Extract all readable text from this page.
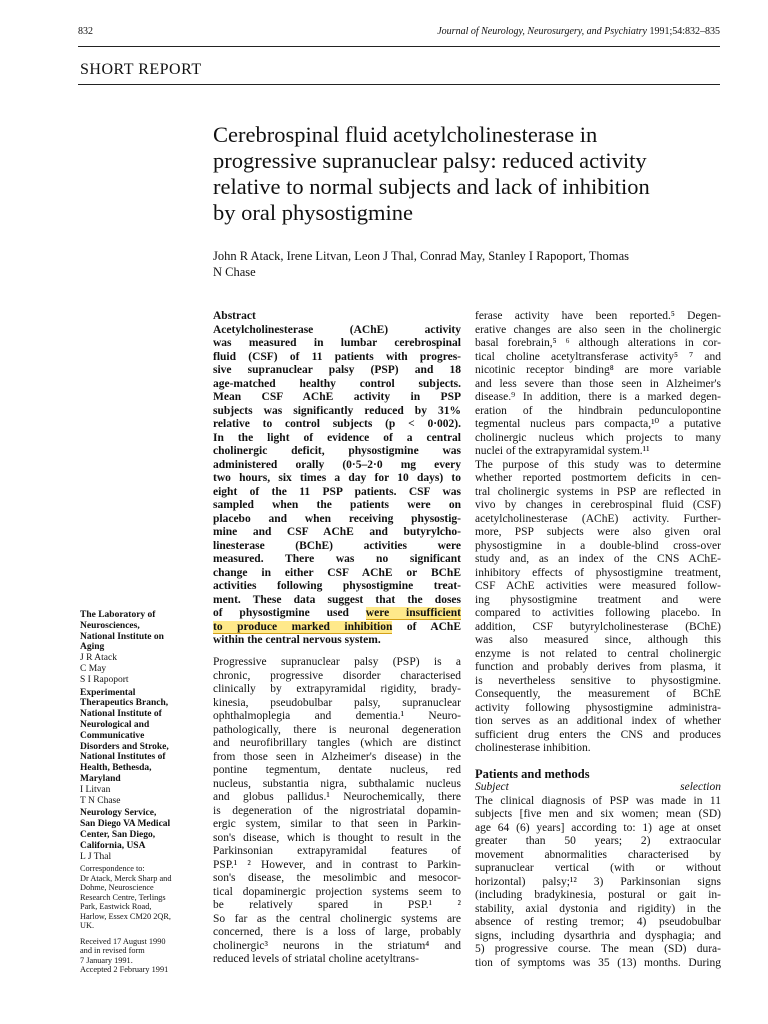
832	Journal of Neurology, Neurosurgery, and Psychiatry 1991;54:832–835
SHORT REPORT
Cerebrospinal fluid acetylcholinesterase in
progressive supranuclear palsy: reduced activity
relative to normal subjects and lack of inhibition
by oral physostigmine
John R Atack, Irene Litvan, Leon J Thal, Conrad May, Stanley I Rapoport, Thomas
N Chase
Abstract
Acetylcholinesterase (AChE) activity
was measured in lumbar cerebrospinal
fluid (CSF) of 11 patients with progres-
sive supranuclear palsy (PSP) and 18
age-matched healthy control subjects.
Mean CSF AChE activity in PSP
subjects was significantly reduced by 31%
relative to control subjects (p < 0·002).
In the light of evidence of a central
cholinergic deficit, physostigmine was
administered orally (0·5–2·0 mg every
two hours, six times a day for 10 days) to
eight of the 11 PSP patients. CSF was
sampled when the patients were on
placebo and when receiving physostig-
mine and CSF AChE and butyrylcho-
linesterase (BChE) activities were
measured. There was no significant
change in either CSF AChE or BChE
activities following physostigmine treat-
ment. These data suggest that the doses
of physostigmine used were insufficient
to produce marked inhibition of AChE
within the central nervous system.
Progressive supranuclear palsy (PSP) is a
chronic, progressive disorder characterised
clinically by extrapyramidal rigidity, brady-
kinesia, pseudobulbar palsy, supranuclear
ophthalmoplegia and dementia.¹ Neuro-
pathologically, there is neuronal degeneration
and neurofibrillary tangles (which are distinct
from those seen in Alzheimer's disease) in the
pontine tegmentum, dentate nucleus, red
nucleus, substantia nigra, subthalamic nucleus
and globus pallidus.¹ Neurochemically, there
is degeneration of the nigrostriatal dopamin-
ergic system, similar to that seen in Parkin-
son's disease, which is thought to result in the
Parkinsonian extrapyramidal features of
PSP.¹ ² However, and in contrast to Parkin-
son's disease, the mesolimbic and mesocor-
tical dopaminergic projection systems seem to
be relatively spared in PSP.¹ ²
So far as the central cholinergic systems are
concerned, there is a loss of large, probably
cholinergic³ neurons in the striatum⁴ and
reduced levels of striatal choline acetyltrans-
ferase activity have been reported.⁵ Degen-
erative changes are also seen in the cholinergic
basal forebrain,⁵ ⁶ although alterations in cor-
tical choline acetyltransferase activity⁵ ⁷ and
nicotinic receptor binding⁸ are more variable
and less severe than those seen in Alzheimer's
disease.⁹ In addition, there is a marked degen-
eration of the hindbrain pedunculopontine
tegmental nucleus pars compacta,¹⁰ a putative
cholinergic nucleus which projects to many
nuclei of the extrapyramidal system.¹¹
The purpose of this study was to determine
whether reported postmortem deficits in cen-
tral cholinergic systems in PSP are reflected in
vivo by changes in cerebrospinal fluid (CSF)
acetylcholinesterase (AChE) activity. Further-
more, PSP subjects were also given oral
physostigmine in a double-blind cross-over
study and, as an index of the CNS AChE-
inhibitory effects of physostigmine treatment,
CSF AChE activities were measured follow-
ing physostigmine treatment and were
compared to activities following placebo. In
addition, CSF butyrylcholinesterase (BChE)
was also measured since, although this
enzyme is not related to central cholinergic
function and probably derives from plasma, it
is nevertheless sensitive to physostigmine.
Consequently, the measurement of BChE
activity following physostigmine administra-
tion serves as an additional index of whether
sufficient drug enters the CNS and produces
cholinesterase inhibition.
Patients and methods
Subject selection
The clinical diagnosis of PSP was made in 11
subjects [five men and six women; mean (SD)
age 64 (6) years] according to: 1) age at onset
greater than 50 years; 2) extraocular
movement abnormalities characterised by
supranuclear vertical (with or without
horizontal) palsy;¹² 3) Parkinsonian signs
(including bradykinesia, postural or gait in-
stability, axial dystonia and rigidity) in the
absence of resting tremor; 4) pseudobulbar
signs, including dysarthria and dysphagia; and
5) progressive course. The mean (SD) dura-
tion of symptoms was 35 (13) months. During
The Laboratory of
Neurosciences,
National Institute on
Aging
J R Atack
C May
S I Rapoport
Experimental
Therapeutics Branch,
National Institute of
Neurological and
Communicative
Disorders and Stroke,
National Institutes of
Health, Bethesda,
Maryland
I Litvan
T N Chase
Neurology Service,
San Diego VA Medical
Center, San Diego,
California, USA
L J Thal
Correspondence to:
Dr Atack, Merck Sharp and
Dohme, Neuroscience
Research Centre, Terlings
Park, Eastwick Road,
Harlow, Essex CM20 2QR,
UK.
Received 17 August 1990
and in revised form
7 January 1991.
Accepted 2 February 1991
